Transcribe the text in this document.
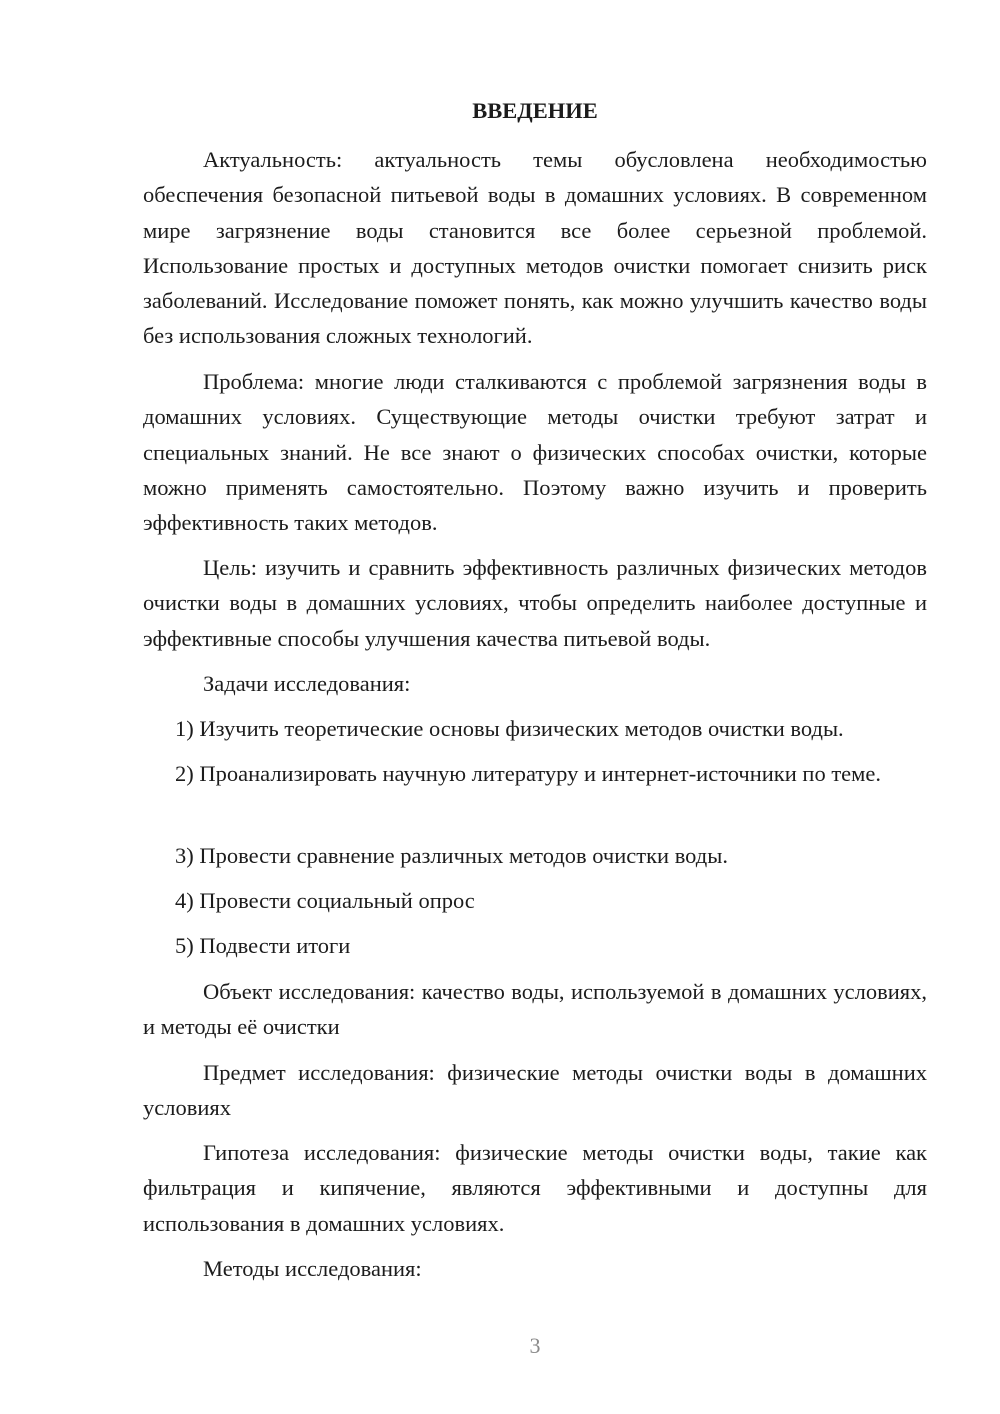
ВВЕДЕНИЕ

Актуальность: актуальность темы обусловлена необходимостью обеспечения безопасной питьевой воды в домашних условиях. В современном мире загрязнение воды становится все более серьезной проблемой. Использование простых и доступных методов очистки помогает снизить риск заболеваний. Исследование поможет понять, как можно улучшить качество воды без использования сложных технологий.

Проблема: многие люди сталкиваются с проблемой загрязнения воды в домашних условиях. Существующие методы очистки требуют затрат и специальных знаний. Не все знают о физических способах очистки, которые можно применять самостоятельно. Поэтому важно изучить и проверить эффективность таких методов.

Цель: изучить и сравнить эффективность различных физических методов очистки воды в домашних условиях, чтобы определить наиболее доступные и эффективные способы улучшения качества питьевой воды.

Задачи исследования:

1) Изучить теоретические основы физических методов очистки воды.

2) Проанализировать научную литературу и интернет-источники по теме.

3) Провести сравнение различных методов очистки воды.

4) Провести социальный опрос

5) Подвести итоги

Объект исследования: качество воды, используемой в домашних условиях, и методы её очистки

Предмет исследования: физические методы очистки воды в домашних условиях

Гипотеза исследования: физические методы очистки воды, такие как фильтрация и кипячение, являются эффективными и доступны для использования в домашних условиях.

Методы исследования:

3
